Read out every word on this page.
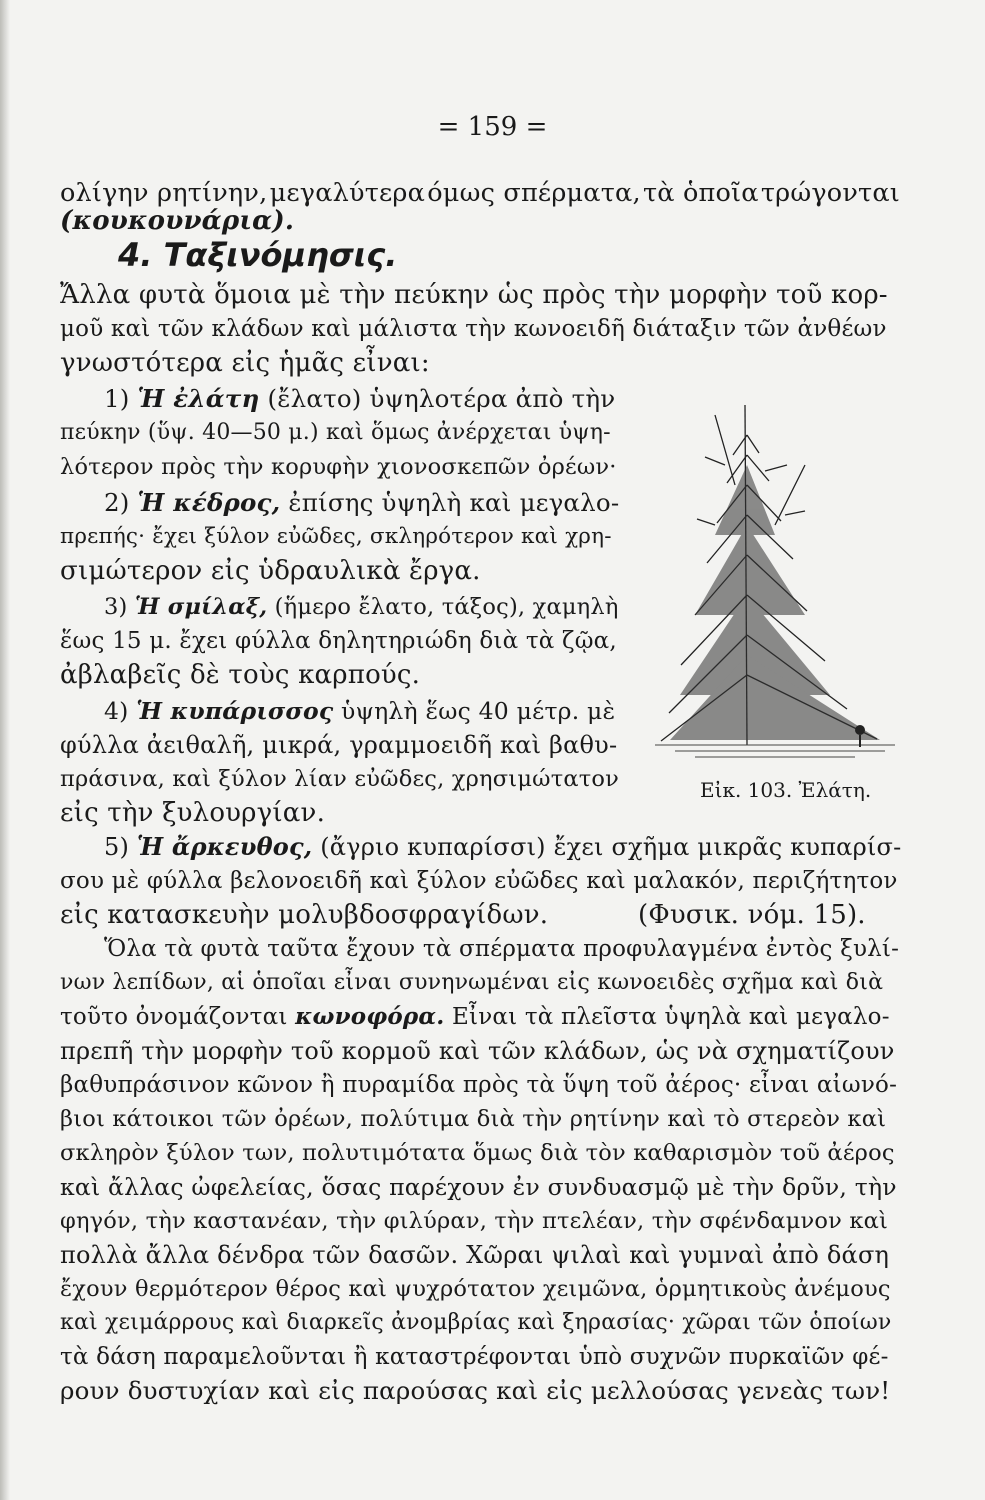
= 159 =
ολίγην ρητίνην, μεγαλύτερα όμως σπέρματα, τὰ ὁποῖα τρώγονται
(κουκουνάρια).
4. Ταξινόμησις.
Ἄλλα φυτὰ ὅμοια μὲ τὴν πεύκην ὡς πρὸς τὴν μορφὴν τοῦ κορ-
μοῦ καὶ τῶν κλάδων καὶ μάλιστα τὴν κωνοειδῆ διάταξιν τῶν ἀνθέων
γνωστότερα εἰς ἡμᾶς εἶναι:
1) Ἡ ἐλάτη (ἔλατο) ὑψηλοτέρα ἀπὸ τὴν
πεύκην (ὕψ. 40—50 μ.) καὶ ὅμως ἀνέρχεται ὑψη-
λότερον πρὸς τὴν κορυφὴν χιονοσκεπῶν ὀρέων·
2) Ἡ κέδρος, ἐπίσης ὑψηλὴ καὶ μεγαλο-
πρεπής· ἔχει ξύλον εὐῶδες, σκληρότερον καὶ χρη-
σιμώτερον εἰς ὑδραυλικὰ ἔργα.
3) Ἡ σμίλαξ, (ἥμερο ἔλατο, τάξος), χαμηλὴ
ἕως 15 μ. ἔχει φύλλα δηλητηριώδη διὰ τὰ ζῷα,
ἀβλαβεῖς δὲ τοὺς καρπούς.
4) Ἡ κυπάρισσος ὑψηλὴ ἕως 40 μέτρ. μὲ
φύλλα ἀειθαλῆ, μικρά, γραμμοειδῆ καὶ βαθυ-
πράσινα, καὶ ξύλον λίαν εὐῶδες, χρησιμώτατον
εἰς τὴν ξυλουργίαν.
Εἰκ. 103. Ἐλάτη.
5) Ἡ ἄρκευθος, (ἄγριο κυπαρίσσι) ἔχει σχῆμα μικρᾶς κυπαρίσ-
σου μὲ φύλλα βελονοειδῆ καὶ ξύλον εὐῶδες καὶ μαλακόν, περιζήτητον
εἰς κατασκευὴν μολυβδοσφραγίδων.	(Φυσικ. νόμ. 15).
Ὅλα τὰ φυτὰ ταῦτα ἔχουν τὰ σπέρματα προφυλαγμένα ἐντὸς ξυλί-
νων λεπίδων, αἱ ὁποῖαι εἶναι συνηνωμέναι εἰς κωνοειδὲς σχῆμα καὶ διὰ
τοῦτο ὀνομάζονται κωνοφόρα. Εἶναι τὰ πλεῖστα ὑψηλὰ καὶ μεγαλο-
πρεπῆ τὴν μορφὴν τοῦ κορμοῦ καὶ τῶν κλάδων, ὡς νὰ σχηματίζουν
βαθυπράσινον κῶνον ἢ πυραμίδα πρὸς τὰ ὕψη τοῦ ἀέρος· εἶναι αἰωνό-
βιοι κάτοικοι τῶν ὀρέων, πολύτιμα διὰ τὴν ρητίνην καὶ τὸ στερεὸν καὶ
σκληρὸν ξύλον των, πολυτιμότατα ὅμως διὰ τὸν καθαρισμὸν τοῦ ἀέρος
καὶ ἄλλας ὠφελείας, ὅσας παρέχουν ἐν συνδυασμῷ μὲ τὴν δρῦν, τὴν
φηγόν, τὴν καστανέαν, τὴν φιλύραν, τὴν πτελέαν, τὴν σφένδαμνον καὶ
πολλὰ ἄλλα δένδρα τῶν δασῶν. Χῶραι ψιλαὶ καὶ γυμναὶ ἀπὸ δάση
ἔχουν θερμότερον θέρος καὶ ψυχρότατον χειμῶνα, ὁρμητικοὺς ἀνέμους
καὶ χειμάρρους καὶ διαρκεῖς ἀνομβρίας καὶ ξηρασίας· χῶραι τῶν ὁποίων
τὰ δάση παραμελοῦνται ἢ καταστρέφονται ὑπὸ συχνῶν πυρκαϊῶν φέ-
ρουν δυστυχίαν καὶ εἰς παρούσας καὶ εἰς μελλούσας γενεὰς των!
